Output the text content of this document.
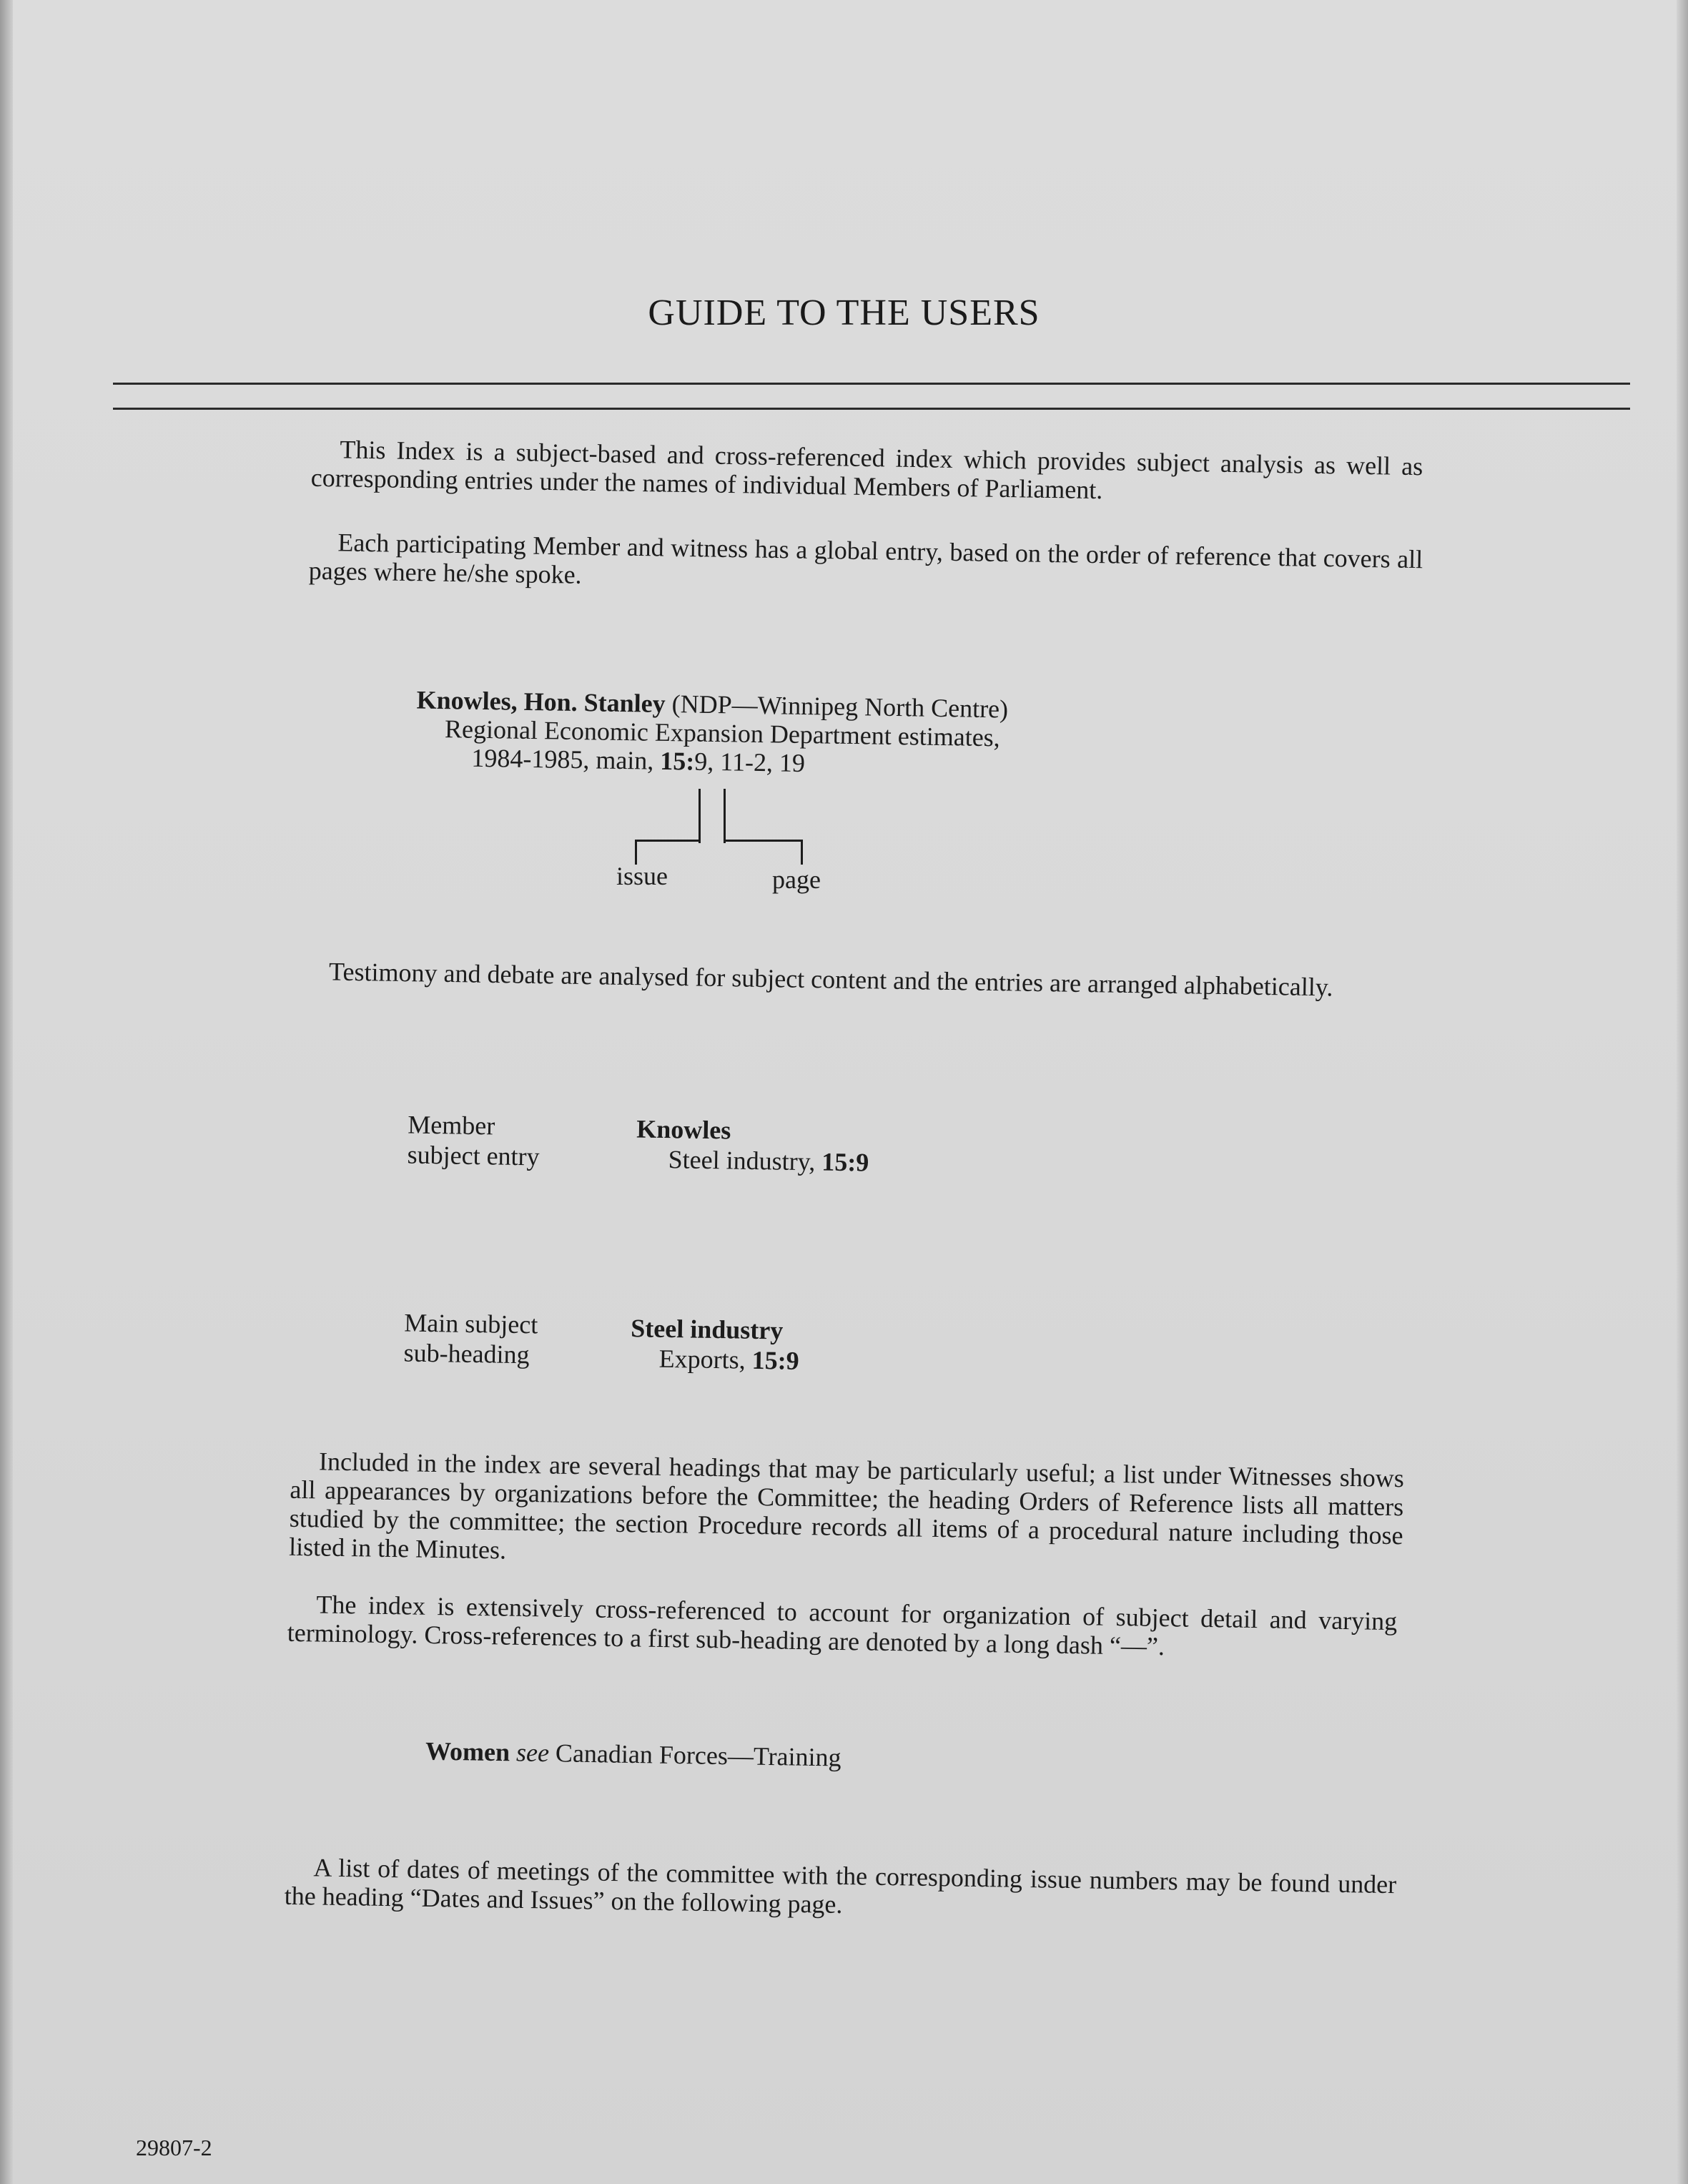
GUIDE TO THE USERS

This Index is a subject-based and cross-referenced index which provides subject analysis as well as corresponding entries under the names of individual Members of Parliament.

Each participating Member and witness has a global entry, based on the order of reference that covers all pages where he/she spoke.

Knowles, Hon. Stanley (NDP—Winnipeg North Centre)
Regional Economic Expansion Department estimates,
1984-1985, main, 15:9, 11-2, 19
issue	page

Testimony and debate are analysed for subject content and the entries are arranged alphabetically.

Member
subject entry
Knowles
Steel industry, 15:9
Main subject
sub-heading
Steel industry
Exports, 15:9

Included in the index are several headings that may be particularly useful; a list under Witnesses shows all appearances by organizations before the Committee; the heading Orders of Reference lists all matters studied by the committee; the section Procedure records all items of a procedural nature including those listed in the Minutes.

The index is extensively cross-referenced to account for organization of subject detail and varying terminology. Cross-references to a first sub-heading are denoted by a long dash “—”.

Women see Canadian Forces—Training

A list of dates of meetings of the committee with the corresponding issue numbers may be found under the heading “Dates and Issues” on the following page.

29807-2
